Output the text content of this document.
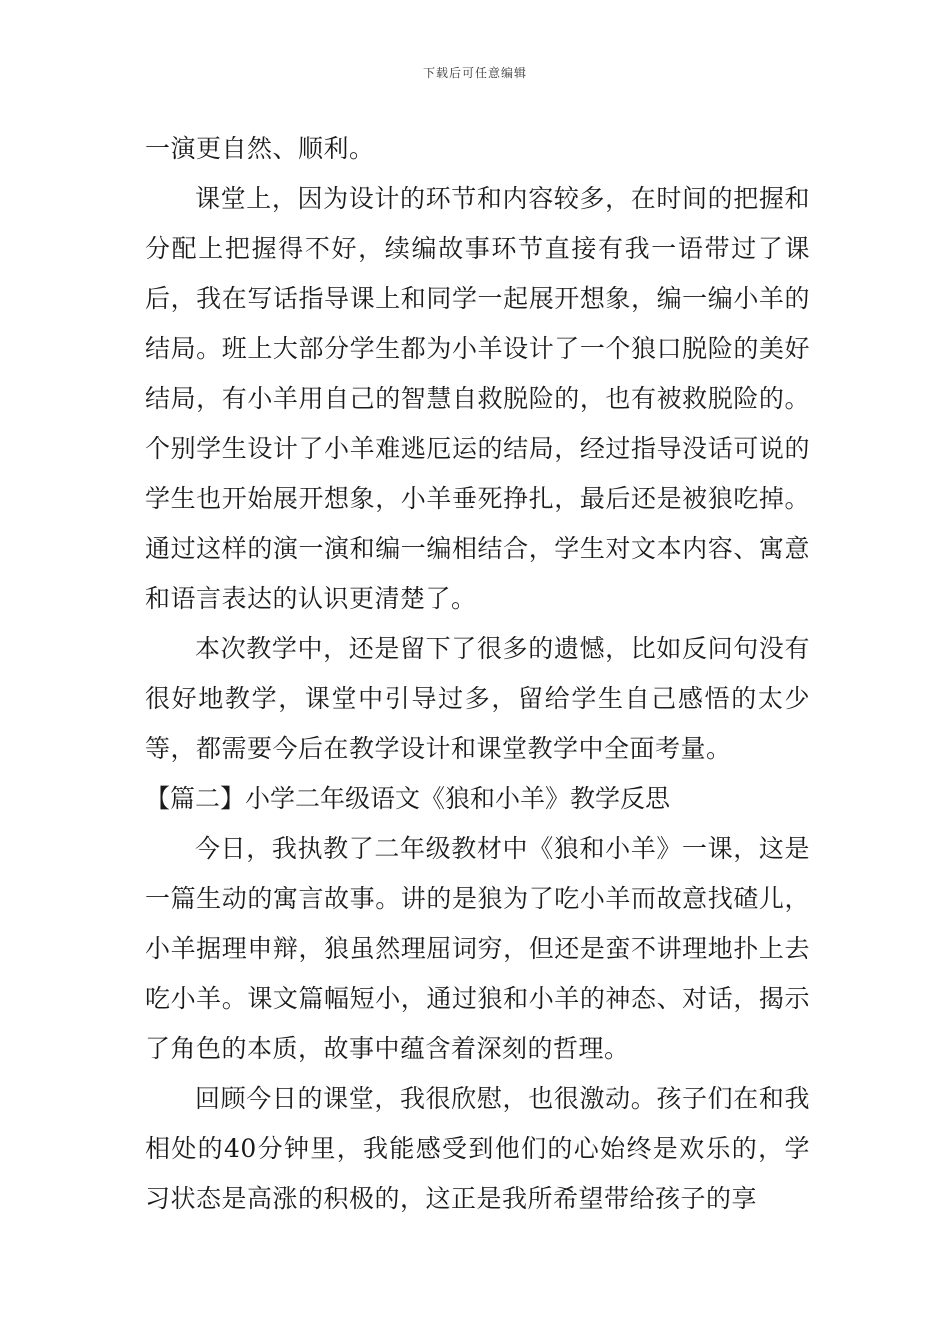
下载后可任意编辑

一演更自然、顺利。

课堂上，因为设计的环节和内容较多，在时间的把握和分配上把握得不好，续编故事环节直接有我一语带过了课后，我在写话指导课上和同学一起展开想象，编一编小羊的结局。班上大部分学生都为小羊设计了一个狼口脱险的美好结局，有小羊用自己的智慧自救脱险的，也有被救脱险的。个别学生设计了小羊难逃厄运的结局，经过指导没话可说的学生也开始展开想象，小羊垂死挣扎，最后还是被狼吃掉。通过这样的演一演和编一编相结合，学生对文本内容、寓意和语言表达的认识更清楚了。

本次教学中，还是留下了很多的遗憾，比如反问句没有很好地教学，课堂中引导过多，留给学生自己感悟的太少等，都需要今后在教学设计和课堂教学中全面考量。

【篇二】小学二年级语文《狼和小羊》教学反思

今日，我执教了二年级教材中《狼和小羊》一课，这是一篇生动的寓言故事。讲的是狼为了吃小羊而故意找碴儿，小羊据理申辩，狼虽然理屈词穷，但还是蛮不讲理地扑上去吃小羊。课文篇幅短小，通过狼和小羊的神态、对话，揭示了角色的本质，故事中蕴含着深刻的哲理。

回顾今日的课堂，我很欣慰，也很激动。孩子们在和我相处的40分钟里，我能感受到他们的心始终是欢乐的，学习状态是高涨的积极的，这正是我所希望带给孩子的享
